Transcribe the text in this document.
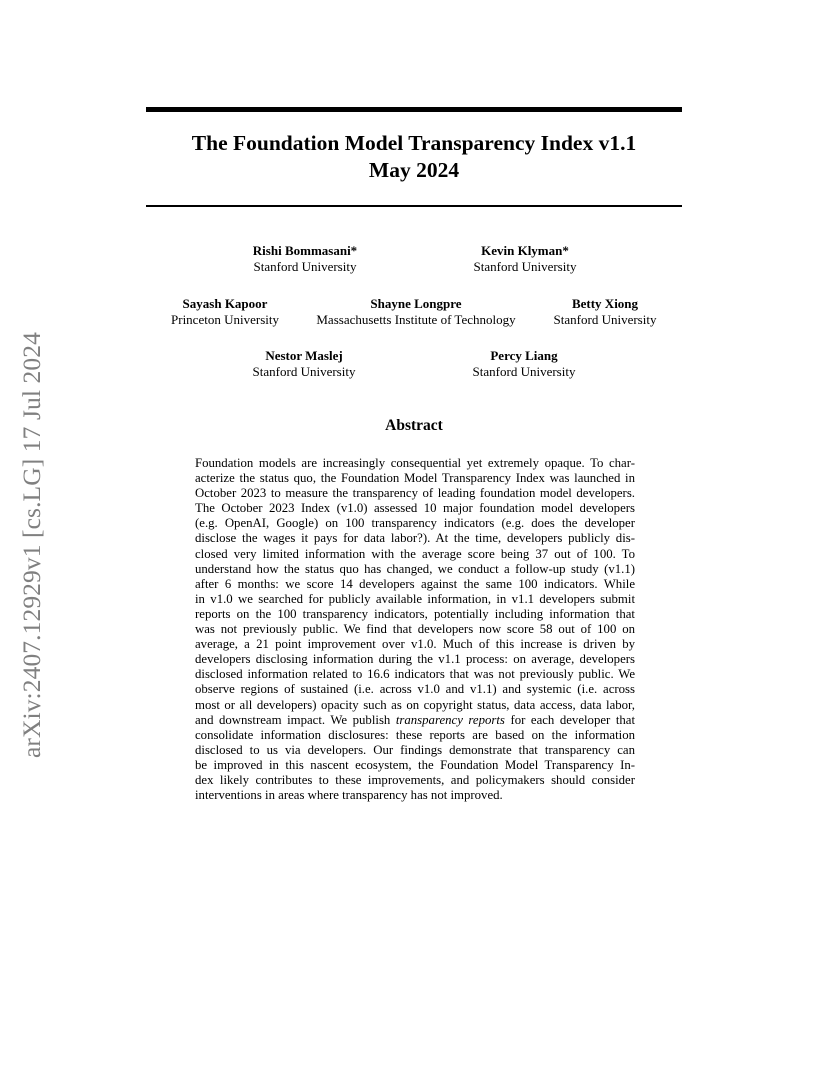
arXiv:2407.12929v1 [cs.LG] 17 Jul 2024
The Foundation Model Transparency Index v1.1
May 2024
Rishi Bommasani*
Stanford University
Kevin Klyman*
Stanford University
Sayash Kapoor
Princeton University
Shayne Longpre
Massachusetts Institute of Technology
Betty Xiong
Stanford University
Nestor Maslej
Stanford University
Percy Liang
Stanford University
Abstract
Foundation models are increasingly consequential yet extremely opaque. To char-
acterize the status quo, the Foundation Model Transparency Index was launched in
October 2023 to measure the transparency of leading foundation model developers.
The October 2023 Index (v1.0) assessed 10 major foundation model developers
(e.g. OpenAI, Google) on 100 transparency indicators (e.g. does the developer
disclose the wages it pays for data labor?). At the time, developers publicly dis-
closed very limited information with the average score being 37 out of 100. To
understand how the status quo has changed, we conduct a follow-up study (v1.1)
after 6 months: we score 14 developers against the same 100 indicators. While
in v1.0 we searched for publicly available information, in v1.1 developers submit
reports on the 100 transparency indicators, potentially including information that
was not previously public. We find that developers now score 58 out of 100 on
average, a 21 point improvement over v1.0. Much of this increase is driven by
developers disclosing information during the v1.1 process: on average, developers
disclosed information related to 16.6 indicators that was not previously public. We
observe regions of sustained (i.e. across v1.0 and v1.1) and systemic (i.e. across
most or all developers) opacity such as on copyright status, data access, data labor,
and downstream impact. We publish transparency reports for each developer that
consolidate information disclosures: these reports are based on the information
disclosed to us via developers. Our findings demonstrate that transparency can
be improved in this nascent ecosystem, the Foundation Model Transparency In-
dex likely contributes to these improvements, and policymakers should consider
interventions in areas where transparency has not improved.
